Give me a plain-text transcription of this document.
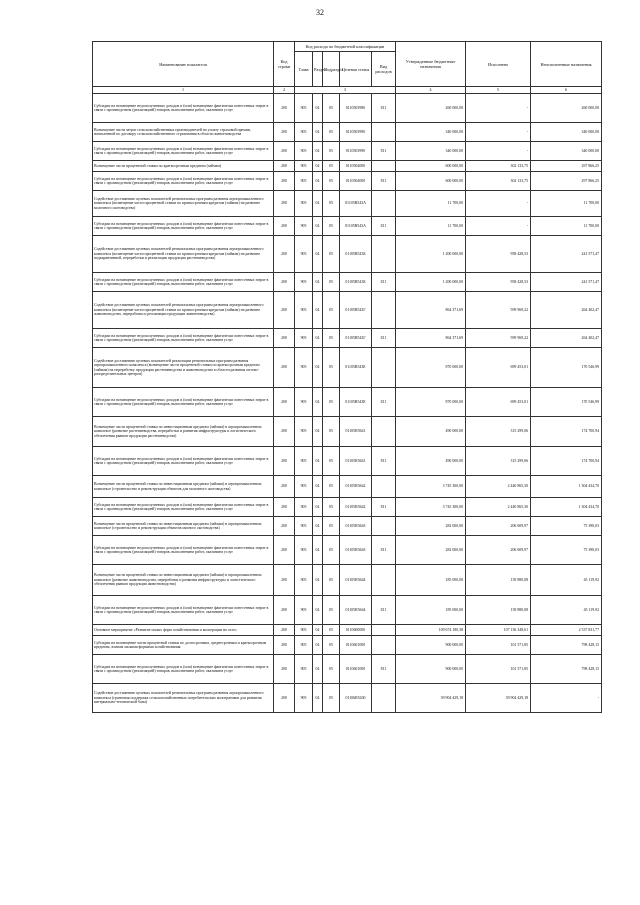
32
Наименование показателя	Код строки	Код расхода по бюджетной классификации					Утвержденные бюджетные назначения	Исполнено	Неисполненные назначения
		Глава	Раздел	Подраздел	Целевая статья	Вид расходов			
1	2	3					4	5	6
Субсидии на возмещение недополученных доходов и (или) возмещение фактически понесенных затрат в связи с производством (реализацией) товаров, выполнением работ, оказанием услуг	200	905	04	05	0110503980	811	260 000,00	-	260 000,00
Возмещение части затрат сельскохозяйственных производителей на уплату страховой премии, начисленной по договору сельскохозяйственного страхования в области животноводства	200	905	04	05	0110503990		340 000,00	-	340 000,00
Субсидии на возмещение недополученных доходов и (или) возмещение фактически понесенных затрат в связи с производством (реализацией) товаров, выполнением работ, оказанием услуг	200	905	04	05	0110503990	811	340 000,00	-	340 000,00
Возмещение части процентной ставки по краткосрочным кредитам (займам)	200	905	04	05	0110504000		600 000,00	302 133,75	297 866,25
Субсидии на возмещение недополученных доходов и (или) возмещение фактически понесенных затрат в связи с производством (реализацией) товаров, выполнением работ, оказанием услуг	200	905	04	05	0110504000	811	600 000,00	302 133,75	297 866,25
Содействие достижению целевых показателей региональных программ развития агропромышленного комплекса (возмещение части процентной ставки по краткосрочным кредитам (займам) на развитие молочного скотоводства)	200	905	04	05	01105R543A		11 700,00	-	11 700,00
Субсидии на возмещение недополученных доходов и (или) возмещение фактически понесенных затрат в связи с производством (реализацией) товаров, выполнением работ, оказанием услуг	200	905	04	05	01105R543A	811	11 700,00	-	11 700,00
Содействие достижению целевых показателей региональных программ развития агропромышленного комплекса (возмещение части процентной ставки по краткосрочным кредитам (займам) на развитие подкарантинной, переработки и реализации продукции растениеводства)	200	905	04	05	01105R543Б		1 200 000,00	958 428,53	241 571,47
Субсидии на возмещение недополученных доходов и (или) возмещение фактически понесенных затрат в связи с производством (реализацией) товаров, выполнением работ, оказанием услуг	200	905	04	05	01105R543Б	811	1 200 000,00	958 428,53	241 571,47
Содействие достижению целевых показателей региональных программ развития агропромышленного комплекса (возмещение части процентной ставки по краткосрочным кредитам (займам) на развитие животноводства, переработки и реализации продукции животноводства)	200	905	04	05	01105R543Г		864 371,69	599 969,22	264 402,47
Субсидии на возмещение недополученных доходов и (или) возмещение фактически понесенных затрат в связи с производством (реализацией) товаров, выполнением работ, оказанием услуг	200	905	04	05	01105R543Г	811	864 371,69	599 969,22	264 402,47
Содействие достижению целевых показателей реализации региональных программ развития агропромышленного комплекса (возмещение части процентной ставки по краткосрочным кредитам (займам) на переработку продукции растениеводства и животноводства в области развития оптово-распределительных центров)	200	905	04	05	01105R543E		870 000,00	699 453,01	170 546,99
Субсидии на возмещение недополученных доходов и (или) возмещение фактически понесенных затрат в связи с производством (реализацией) товаров, выполнением работ, оказанием услуг	200	905	04	05	01105R543E	811	870 000,00	699 453,01	170 546,99
Возмещение части процентной ставки по инвестиционным кредитам (займам) в агропромышленном комплексе (развитие растениеводства, переработки и развития инфраструктуры и логистического обеспечения рынков продукции растениеводства)	200	905	04	05	01105R5641		490 000,00	315 299,06	174 700,94
Субсидии на возмещение недополученных доходов и (или) возмещение фактически понесенных затрат в связи с производством (реализацией) товаров, выполнением работ, оказанием услуг	200	905	04	05	01105R5641	811	490 000,00	315 299,06	174 700,94
Возмещение части процентной ставки по инвестиционным кредитам (займам) в агропромышленном комплексе (строительство и реконструкция объектов для молочного скотоводства)	200	905	04	05	01105R5642		3 745 300,00	2 440 865,30	1 304 434,70
Субсидии на возмещение недополученных доходов и (или) возмещение фактически понесенных затрат в связи с производством (реализацией) товаров, выполнением работ, оказанием услуг	200	905	04	05	01105R5642	811	3 745 300,00	2 440 865,30	1 304 434,70
Возмещение части процентной ставки по инвестиционным кредитам (займам) в агропромышленном комплексе (строительство и реконструкция объектов мясного скотоводства)	200	905	04	05	01105R5643		282 000,00	206 609,97	75 390,03
Субсидии на возмещение недополученных доходов и (или) возмещение фактически понесенных затрат в связи с производством (реализацией) товаров, выполнением работ, оказанием услуг	200	905	04	05	01105R5643	811	282 000,00	206 609,97	75 390,03
Возмещение части процентной ставки по инвестиционным кредитам (займам) в агропромышленном комплексе (развитие животноводства, переработки и развития инфраструктуры и логистического обеспечения рынков продукции животноводства)	200	905	04	05	01105R5644		185 000,00	139 880,08	45 119,92
Субсидии на возмещение недополученных доходов и (или) возмещение фактически понесенных затрат в связи с производством (реализацией) товаров, выполнением работ, оказанием услуг	200	905	04	05	01105R5644	811	185 000,00	139 880,08	45 119,92
Основное мероприятие «Развитие малых форм хозяйствования и кооперации на селе»	200	905	04	05	0110600000		109 674 180,38	107 136 348,61	2 537 831,77
Субсидии на возмещение части процентной ставки по долгосрочным, среднесрочным и краткосрочным кредитам, взятым малыми формами хозяйствования	200	905	04	05	0110601000		900 000,00	101 571,85	798 428,15
Субсидии на возмещение недополученных доходов и (или) возмещение фактически понесенных затрат в связи с производством (реализацией) товаров, выполнением работ, оказанием услуг	200	905	04	05	0110601000	811	900 000,00	101 571,85	798 428,15
Содействие достижению целевых показателей региональных программ развития агропромышленного комплекса (грантовая поддержка сельскохозяйственных потребительских кооперативов для развития материально-технической базы)	200	905	04	05	01106R5430		39 904 429,18	39 904 429,18	-
